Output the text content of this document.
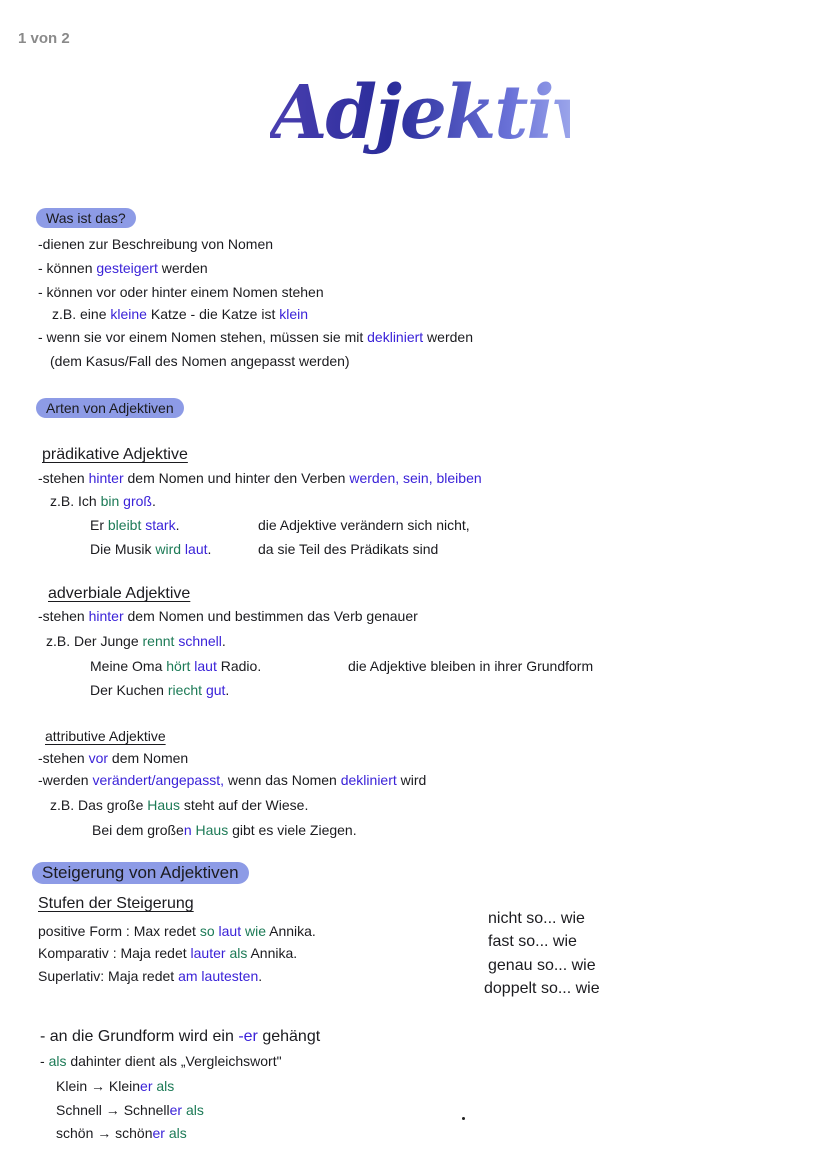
1 von 2
Adjektive
Was ist das?
Arten von Adjektiven
Steigerung von Adjektiven
-dienen zur Beschreibung von Nomen
- können gesteigert werden
- können vor oder hinter einem Nomen stehen
z.B. eine kleine Katze - die Katze ist klein
- wenn sie vor einem Nomen stehen, müssen sie mit dekliniert werden
(dem Kasus/Fall des Nomen angepasst werden)
prädikative Adjektive
-stehen hinter dem Nomen und hinter den Verben werden, sein, bleiben
z.B. Ich bin groß.
Er bleibt stark.	die Adjektive verändern sich nicht,
Die Musik wird laut.	da sie Teil des Prädikats sind
adverbiale Adjektive
-stehen hinter dem Nomen und bestimmen das Verb genauer
z.B. Der Junge rennt schnell.
Meine Oma hört laut Radio.	die Adjektive bleiben in ihrer Grundform
Der Kuchen riecht gut.
attributive Adjektive
-stehen vor dem Nomen
-werden verändert/angepasst, wenn das Nomen dekliniert wird
z.B. Das große Haus steht auf der Wiese.
Bei dem großen Haus gibt es viele Ziegen.
Stufen der Steigerung
positive Form : Max redet so laut wie Annika.
Komparativ : Maja redet lauter als Annika.
Superlativ: Maja redet am lautesten.
nicht so... wie
fast so... wie
genau so... wie
doppelt so... wie
- an die Grundform wird ein -er gehängt
- als dahinter dient als „Vergleichswort"
Klein → Kleiner als
Schnell → Schneller als
schön → schöner als
